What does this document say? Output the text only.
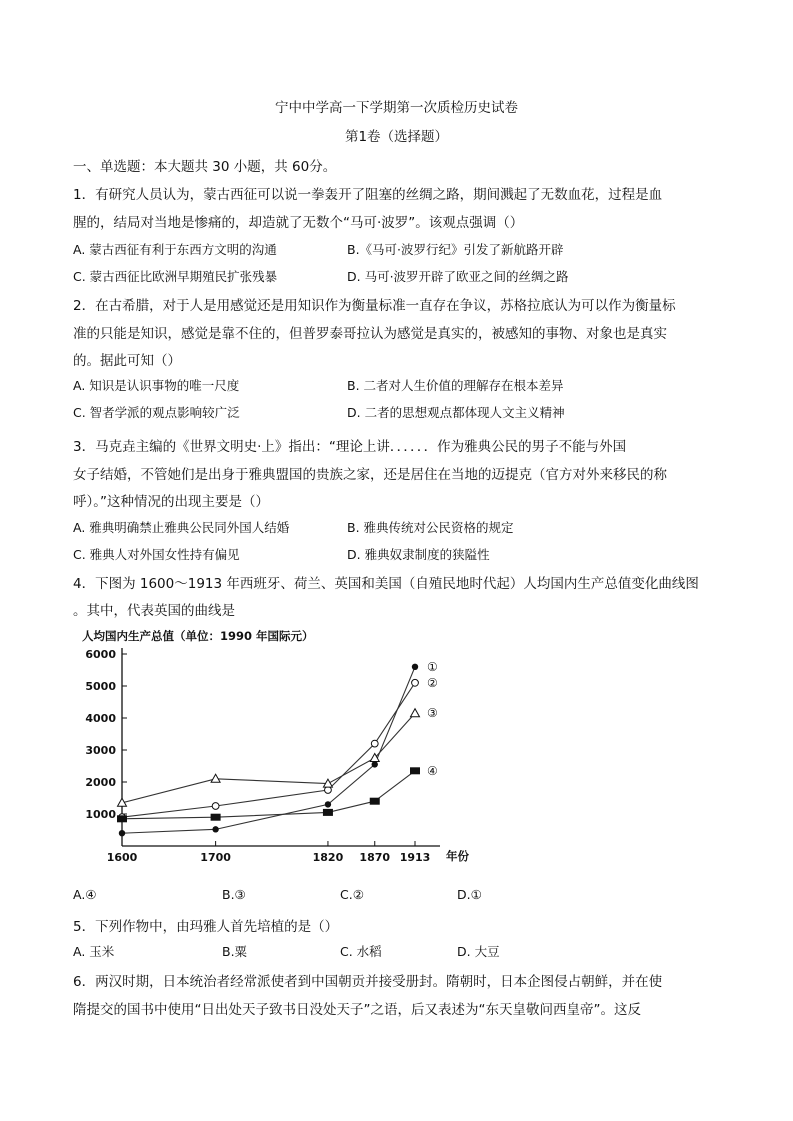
宁中中学高一下学期第一次质检历史试卷
第1卷（选择题）
一、单选题：本大题共 30 小题，共 60分。
1．有研究人员认为，蒙古西征可以说一拳轰开了阻塞的丝绸之路，期间溅起了无数血花，过程是血
腥的，结局对当地是惨痛的，却造就了无数个“马可·波罗”。该观点强调（）
A. 蒙古西征有利于东西方文明的沟通	B.《马可·波罗行纪》引发了新航路开辟
C. 蒙古西征比欧洲早期殖民扩张残暴	D. 马可·波罗开辟了欧亚之间的丝绸之路
2．在古希腊，对于人是用感觉还是用知识作为衡量标准一直存在争议，苏格拉底认为可以作为衡量标
准的只能是知识，感觉是靠不住的，但普罗泰哥拉认为感觉是真实的，被感知的事物、对象也是真实
的。据此可知（）
A. 知识是认识事物的唯一尺度	B. 二者对人生价值的理解存在根本差异
C. 智者学派的观点影响较广泛	D. 二者的思想观点都体现人文主义精神
3．马克垚主编的《世界文明史·上》指出：“理论上讲．．．．．．作为雅典公民的男子不能与外国
女子结婚，不管她们是出身于雅典盟国的贵族之家，还是居住在当地的迈提克（官方对外来移民的称
呼）。”这种情况的出现主要是（）
A. 雅典明确禁止雅典公民同外国人结婚	B. 雅典传统对公民资格的规定
C. 雅典人对外国女性持有偏见	D. 雅典奴隶制度的狭隘性
4．下图为 1600～1913 年西班牙、荷兰、英国和美国（自殖民地时代起）人均国内生产总值变化曲线图
。其中，代表英国的曲线是
人均国内生产总值（单位：1990 年国际元）
1000
2000
3000
4000
5000
6000
1600	1700	1820 1870 1913 年份
①
②
③
④
A.④	B.③	C.②	D.①
5．下列作物中，由玛雅人首先培植的是（）
A. 玉米	B.粟	C. 水稻	D. 大豆
6．两汉时期，日本统治者经常派使者到中国朝贡并接受册封。隋朝时，日本企图侵占朝鲜，并在使
隋提交的国书中使用“日出处天子致书日没处天子”之语，后又表述为“东天皇敬问西皇帝”。这反
